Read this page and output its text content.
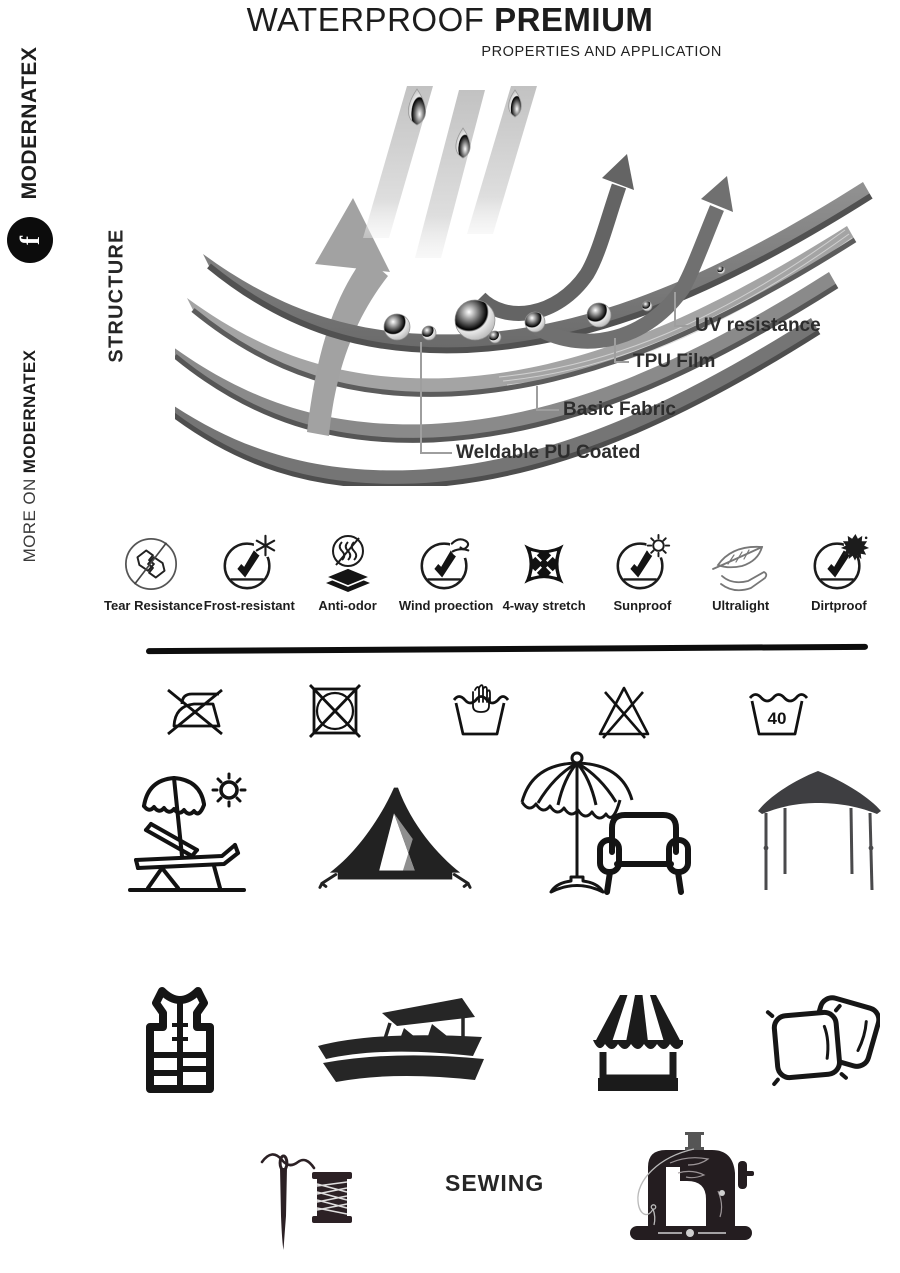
WATERPROOF PREMIUM
PROPERTIES AND APPLICATION
MODERNATEX
f
MORE ON MODERNATEX
STRUCTURE	UV resistance
TPU Film
Basic Fabric
Weldable PU Coated
Tear Resistance Frost-resistant	Anti-odor	Wind proection 4-way stretch	Sunproof	Ultralight	Dirtproof
40
SEWING
